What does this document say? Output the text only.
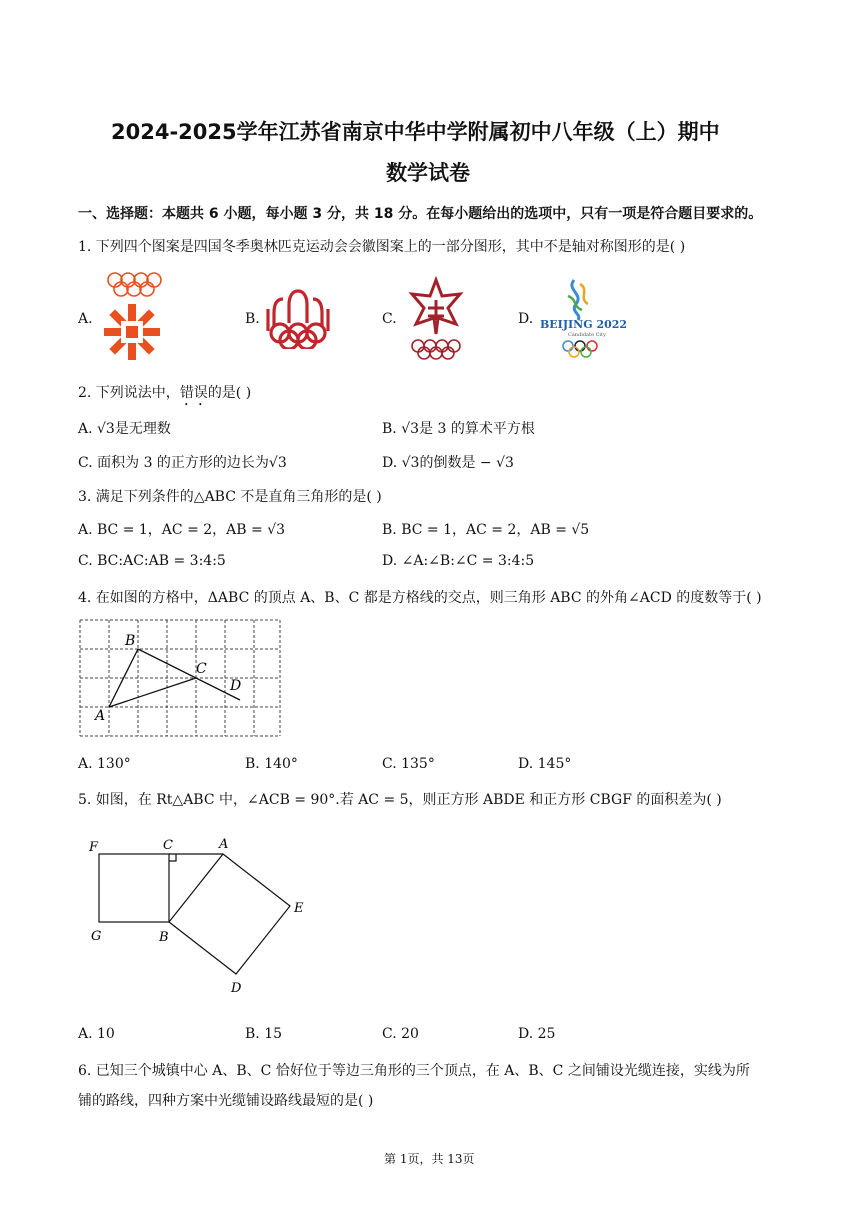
2024-2025学年江苏省南京中华中学附属初中八年级（上）期中
数学试卷
一、选择题：本题共 6 小题，每小题 3 分，共 18 分。在每小题给出的选项中，只有一项是符合题目要求的。
1. 下列四个图案是四国冬季奥林匹克运动会会徽图案上的一部分图形，其中不是轴对称图形的是( )
A.	B.	C.	D. BEIJING 2022
Candidate City
2. 下列说法中，错误的是( )
A. √3是无理数	B. √3是 3 的算术平方根
C. 面积为 3 的正方形的边长为√3	D. √3的倒数是 − √3
3. 满足下列条件的△ABC 不是直角三角形的是( )
A. BC = 1，AC = 2，AB = √3	B. BC = 1，AC = 2，AB = √5
C. BC:AC:AB = 3:4:5	D. ∠A:∠B:∠C = 3:4:5
4. 在如图的方格中，ΔABC 的顶点 A、B、C 都是方格线的交点，则三角形 ABC 的外角∠ACD 的度数等于( )
A
B
C
D
A. 130°	B. 140°	C. 135°	D. 145°
5. 如图，在 Rt△ABC 中，∠ACB = 90°.若 AC = 5，则正方形 ABDE 和正方形 CBGF 的面积差为( )
F	C	A
E
G	B
D
A. 10	B. 15	C. 20	D. 25
6. 已知三个城镇中心 A、B、C 恰好位于等边三角形的三个顶点，在 A、B、C 之间铺设光缆连接，实线为所
铺的路线，四种方案中光缆铺设路线最短的是( )
第 1页，共 13页
